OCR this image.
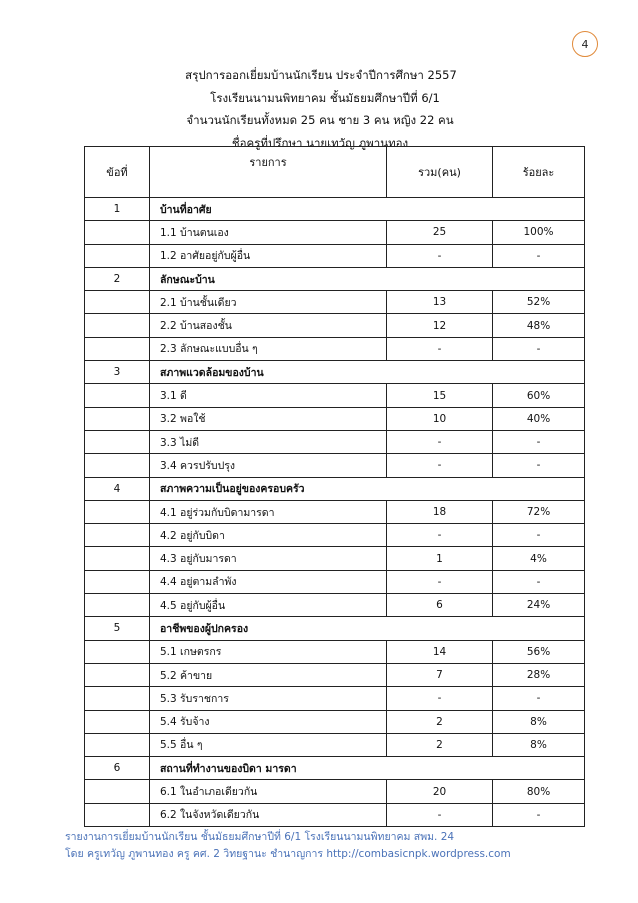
4
สรุปการออกเยี่ยมบ้านนักเรียน ประจำปีการศึกษา 2557
โรงเรียนนามนพิทยาคม ชั้นมัธยมศึกษาปีที่ 6/1
จำนวนนักเรียนทั้งหมด 25 คน ชาย 3 คน หญิง 22 คน
ชื่อครูที่ปรึกษา นายเทวัญ ภูพานทอง
ข้อที่	รายการ	รวม(คน)	ร้อยละ
1	บ้านที่อาศัย		
	1.1 บ้านตนเอง	25	100%
	1.2 อาศัยอยู่กับผู้อื่น	-	-
2	ลักษณะบ้าน		
	2.1 บ้านชั้นเดียว	13	52%
	2.2 บ้านสองชั้น	12	48%
	2.3 ลักษณะแบบอื่น ๆ	-	-
3	สภาพแวดล้อมของบ้าน		
	3.1 ดี	15	60%
	3.2 พอใช้	10	40%
	3.3 ไม่ดี	-	-
	3.4 ควรปรับปรุง	-	-
4	สภาพความเป็นอยู่ของครอบครัว		
	4.1 อยู่ร่วมกับบิดามารดา	18	72%
	4.2 อยู่กับบิดา	-	-
	4.3 อยู่กับมารดา	1	4%
	4.4 อยู่ตามลำพัง	-	-
	4.5 อยู่กับผู้อื่น	6	24%
5	อาชีพของผู้ปกครอง		
	5.1 เกษตรกร	14	56%
	5.2 ค้าขาย	7	28%
	5.3 รับราชการ	-	-
	5.4 รับจ้าง	2	8%
	5.5 อื่น ๆ	2	8%
6	สถานที่ทำงานของบิดา มารดา		
	6.1 ในอำเภอเดียวกัน	20	80%
	6.2 ในจังหวัดเดียวกัน	-	-
รายงานการเยี่ยมบ้านนักเรียน ชั้นมัธยมศึกษาปีที่ 6/1 โรงเรียนนามนพิทยาคม สพม. 24
โดย ครูเทวัญ ภูพานทอง ครู คศ. 2 วิทยฐานะ ชำนาญการ http://combasicnpk.wordpress.com
